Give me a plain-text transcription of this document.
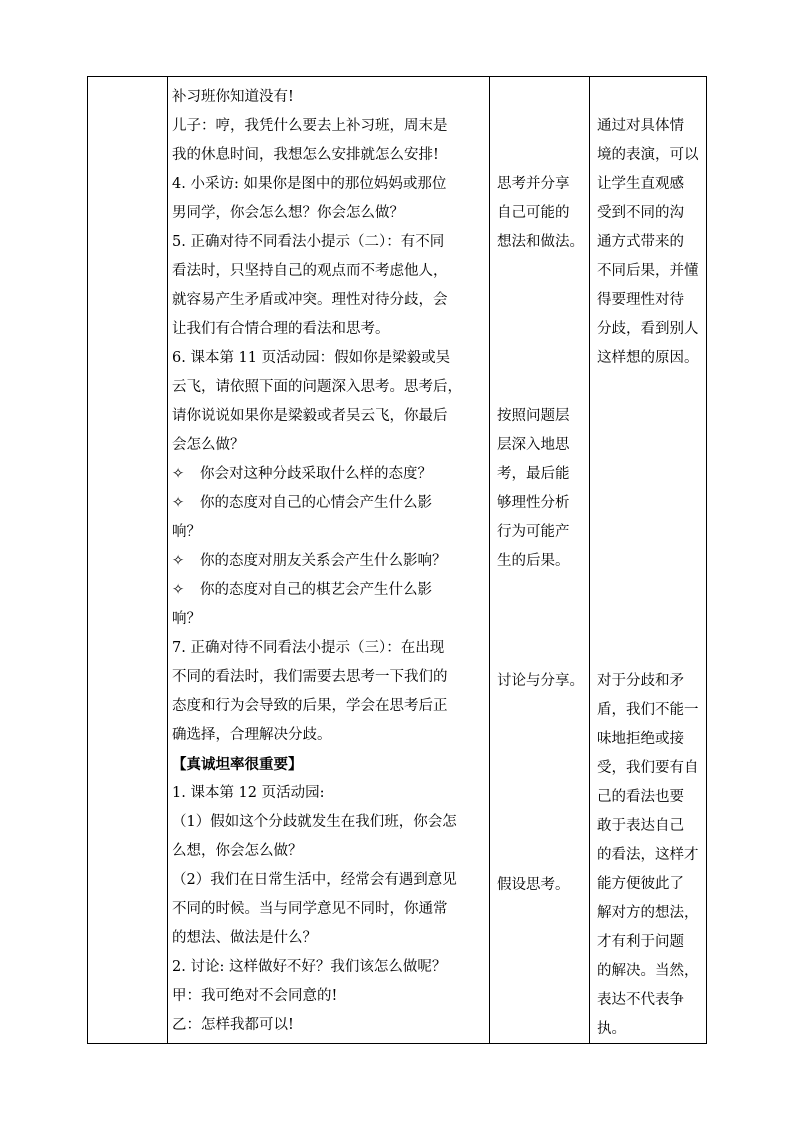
补习班你知道没有!

儿子：哼，我凭什么要去上补习班，周末是

我的休息时间，我想怎么安排就怎么安排!

4. 小采访: 如果你是图中的那位妈妈或那位

男同学，你会怎么想？你会怎么做？

5. 正确对待不同看法小提示（二）：有不同

看法时，只坚持自己的观点而不考虑他人，

就容易产生矛盾或冲突。理性对待分歧，会

让我们有合情合理的看法和思考。

6. 课本第 11 页活动园：假如你是梁毅或吴

云飞，请依照下面的问题深入思考。思考后，

请你说说如果你是梁毅或者吴云飞，你最后

会怎么做？

✧ 你会对这种分歧采取什么样的态度？

✧ 你的态度对自己的心情会产生什么影

响？

✧ 你的态度对朋友关系会产生什么影响？

✧ 你的态度对自己的棋艺会产生什么影

响？

7. 正确对待不同看法小提示（三）：在出现

不同的看法时，我们需要去思考一下我们的

态度和行为会导致的后果，学会在思考后正

确选择，合理解决分歧。

【真诚坦率很重要】

1. 课本第 12 页活动园:

（1）假如这个分歧就发生在我们班，你会怎

么想，你会怎么做？

（2）我们在日常生活中，经常会有遇到意见

不同的时候。当与同学意见不同时，你通常

的想法、做法是什么？

2. 讨论: 这样做好不好？我们该怎么做呢？

甲：我可绝对不会同意的!

乙：怎样我都可以!

思考并分享

自己可能的

想法和做法。

按照问题层

层深入地思

考，最后能

够理性分析

行为可能产

生的后果。

讨论与分享。

假设思考。

通过对具体情

境的表演，可以

让学生直观感

受到不同的沟

通方式带来的

不同后果，并懂

得要理性对待

分歧，看到别人

这样想的原因。

对于分歧和矛

盾，我们不能一

味地拒绝或接

受，我们要有自

己的看法也要

敢于表达自己

的看法，这样才

能方便彼此了

解对方的想法，

才有利于问题

的解决。当然，

表达不代表争

执。
